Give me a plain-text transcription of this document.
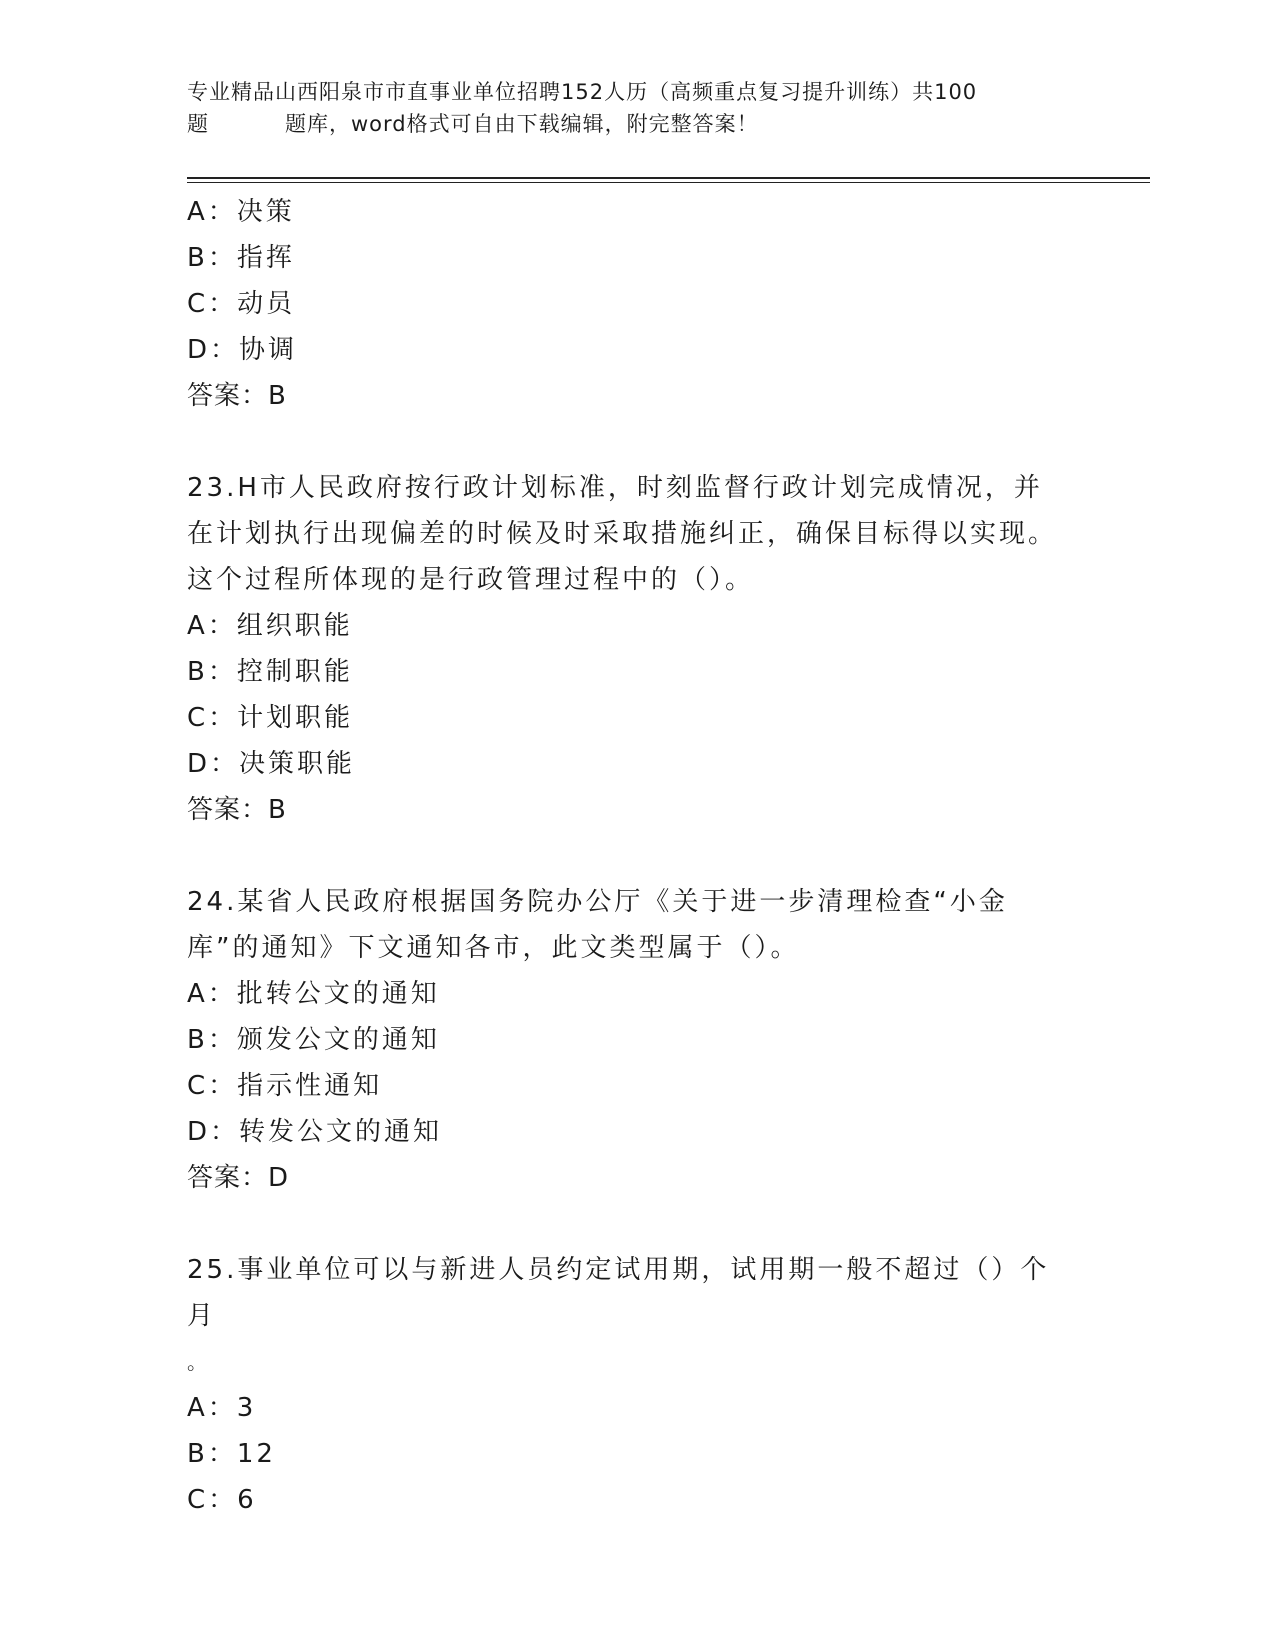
专业精品山西阳泉市市直事业单位招聘152人历（高频重点复习提升训练）共100
题	题库，word格式可自由下载编辑，附完整答案！
A：决策
B：指挥
C：动员
D：协调
答案：B
23.H市人民政府按行政计划标准，时刻监督行政计划完成情况，并在计划执行出现偏差的时候及时采取措施纠正，确保目标得以实现。这个过程所体现的是行政管理过程中的（）。
A：组织职能
B：控制职能
C：计划职能
D：决策职能
答案：B
24.某省人民政府根据国务院办公厅《关于进一步清理检查“小金库”的通知》下文通知各市，此文类型属于（）。
A：批转公文的通知
B：颁发公文的通知
C：指示性通知
D：转发公文的通知
答案：D
25.事业单位可以与新进人员约定试用期，试用期一般不超过（）个月
。
A：3
B：12
C：6
